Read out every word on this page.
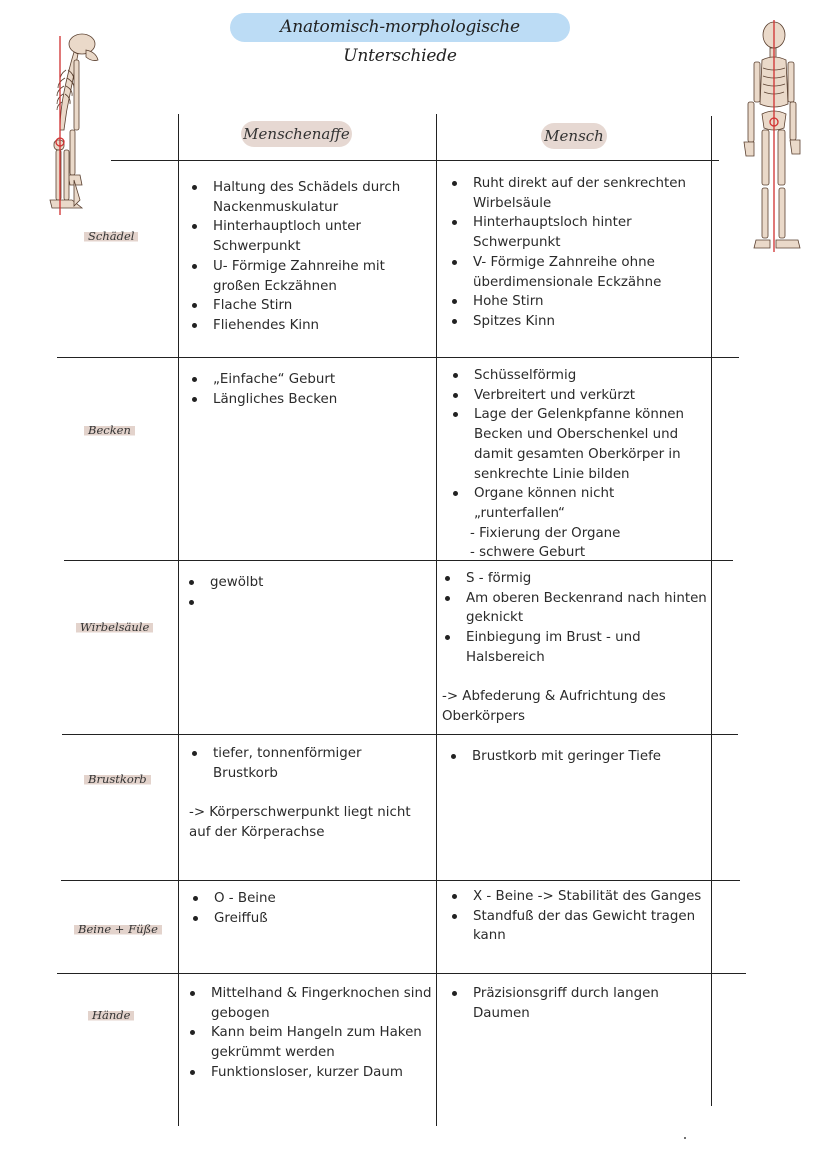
Anatomisch-morphologische Unterschiede
Menschenaffe	Mensch
Schädel
Becken
Wirbelsäule
Brustkorb
Beine + Füße
Hände
Haltung des Schädels durch Nackenmuskulatur
Hinterhauptloch unter Schwerpunkt
U- Förmige Zahnreihe mit großen Eckzähnen
Flache Stirn
Fliehendes Kinn
Ruht direkt auf der senkrechten Wirbelsäule
Hinterhauptsloch hinter Schwerpunkt
V- Förmige Zahnreihe ohne überdimensionale Eckzähne
Hohe Stirn
Spitzes Kinn
„Einfache“ Geburt
Längliches Becken
Schüsselförmig
Verbreitert und verkürzt
Lage der Gelenkpfanne können Becken und Oberschenkel und damit gesamten Oberkörper in senkrechte Linie bilden
Organe können nicht „runterfallen“

- Fixierung der Organe

- schwere Geburt

gewölbt
	S - förmig
Am oberen Beckenrand nach hinten geknickt
Einbiegung im Brust - und Halsbereich

-> Abfederung & Aufrichtung des Oberkörpers

tiefer, tonnenförmiger Brustkorb

-> Körperschwerpunkt liegt nicht auf der Körperachse

Brustkorb mit geringer Tiefe
O - Beine
Greiffuß
X - Beine -> Stabilität des Ganges
Standfuß der das Gewicht tragen kann
Mittelhand & Fingerknochen sind gebogen
Kann beim Hangeln zum Haken gekrümmt werden
Funktionsloser, kurzer Daum
Präzisionsgriff durch langen Daumen
